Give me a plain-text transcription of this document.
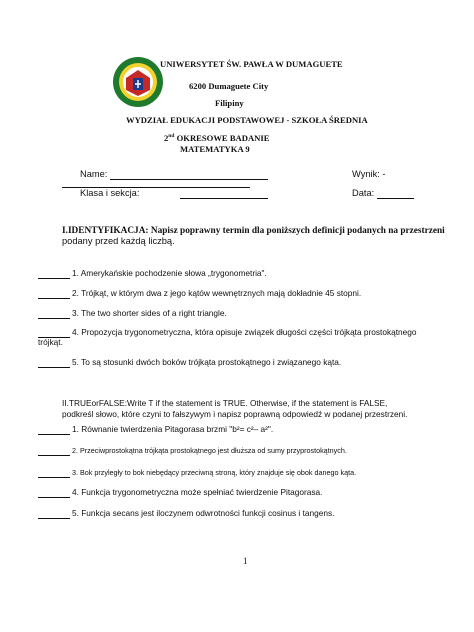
UNIWERSYTET ŚW. PAWŁA W DUMAGUETE
6200 Dumaguete City
Filipiny
WYDZIAŁ EDUKACJI PODSTAWOWEJ - SZKOŁA ŚREDNIA
2nd OKRESOWE BADANIE
MATEMATYKA 9
Name:	Wynik: -
Klasa i sekcja:	Data:
I.IDENTYFIKACJA: Napisz poprawny termin dla poniższych definicji podanych na przestrzeni
podany przed każdą liczbą.
1. Amerykańskie pochodzenie słowa „trygonometria".
2. Trójkąt, w którym dwa z jego kątów wewnętrznych mają dokładnie 45 stopni.
3. The two shorter sides of a right triangle.
4. Propozycja trygonometryczna, która opisuje związek długości części trójkąta prostokątnego
trójkąt.
5. To są stosunki dwóch boków trójkąta prostokątnego i związanego kąta.
II.TRUEorFALSE:Write T if the statement is TRUE. Otherwise, if the statement is FALSE,
podkreśl słowo, które czyni to fałszywym i napisz poprawną odpowiedź w podanej przestrzeni.
1. Równanie twierdzenia Pitagorasa brzmi "b²= c²– a²".
2. Przeciwprostokątna trójkąta prostokątnego jest dłuższa od sumy przyprostokątnych.
3. Bok przyległy to bok niebędący przeciwną stroną, który znajduje się obok danego kąta.
4. Funkcja trygonometryczna może spełniać twierdzenie Pitagorasa.
5. Funkcja secans jest iloczynem odwrotności funkcji cosinus i tangens.
1
